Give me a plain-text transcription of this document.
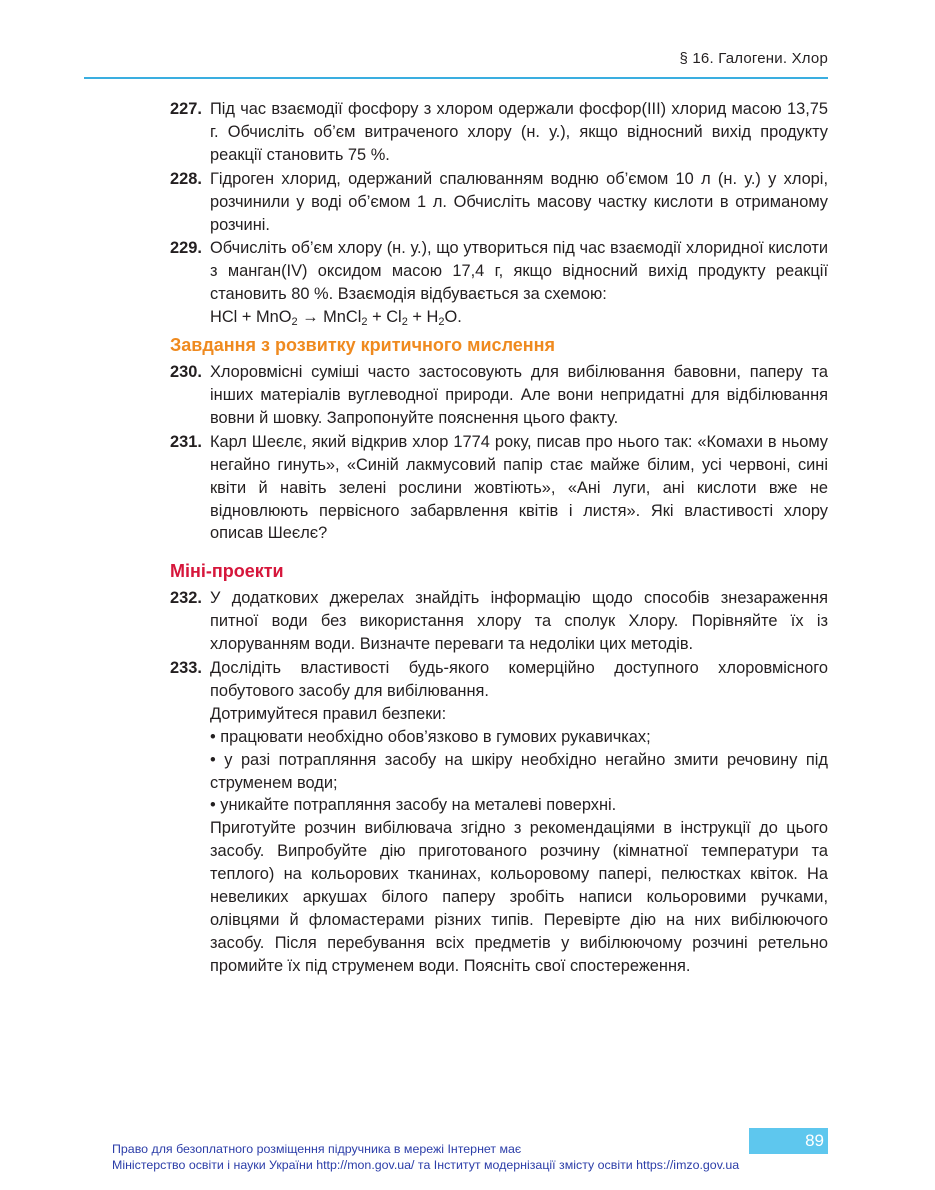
§ 16. Галогени. Хлор
227. Під час взаємодії фосфору з хлором одержали фосфор(ІІІ) хлорид масою 13,75 г. Обчисліть об’єм витраченого хлору (н. у.), якщо відносний вихід продукту реакції становить 75 %.

228. Гідроген хлорид, одержаний спалюванням водню об’ємом 10 л (н. у.) у хлорі, розчинили у воді об’ємом 1 л. Обчисліть масову частку кислоти в отриманому розчині.

229. Обчисліть об’єм хлору (н. у.), що утвориться під час взаємодії хлоридної кислоти з манган(IV) оксидом масою 17,4 г, якщо відносний вихід продукту реакції становить 80 %. Взаємодія відбувається за схемою:

HCl + MnO$_2$ → MnCl$_2$ + $Cl_2 + H_2O$.

Завдання з розвитку критичного мислення
230. Хлоровмісні суміші часто застосовують для вибілювання бавовни, паперу та інших матеріалів вуглеводної природи. Але вони непридатні для відбілювання вовни й шовку. Запропонуйте пояснення цього факту.

231. Карл Шеєлє, який відкрив хлор 1774 року, писав про нього так: «Комахи в ньому негайно гинуть», «Синій лакмусовий папір стає майже білим, усі червоні, сині квіти й навіть зелені рослини жовтіють», «Ані луги, ані кислоти вже не відновлюють первісного забарвлення квітів і листя». Які властивості хлору описав Шеєлє?

Міні-проекти
232. У додаткових джерелах знайдіть інформацію щодо способів знезараження питної води без використання хлору та сполук Хлору. Порівняйте їх із хлоруванням води. Визначте переваги та недоліки цих методів.

233. Дослідіть властивості будь-якого комерційно доступного хлоровмісного побутового засобу для вибілювання.

Дотримуйтеся правил безпеки:

• працювати необхідно обов’язково в гумових рукавичках;

• у разі потрапляння засобу на шкіру необхідно негайно змити речовину під струменем води;

• уникайте потрапляння засобу на металеві поверхні.

Приготуйте розчин вибілювача згідно з рекомендаціями в інструкції до цього засобу. Випробуйте дію приготованого розчину (кімнатної температури та теплого) на кольорових тканинах, кольоровому папері, пелюстках квіток. На невеликих аркушах білого паперу зробіть написи кольоровими ручками, олівцями й фломастерами різних типів. Перевірте дію на них вибілюючого засобу. Після перебування всіх предметів у вибілюючому розчині ретельно промийте їх під струменем води. Поясніть свої спостереження.

89
Право для безоплатного розміщення підручника в мережі Інтернет має
Міністерство освіти і науки України http://mon.gov.ua/ та Інститут модернізації змісту освіти https://imzo.gov.ua
